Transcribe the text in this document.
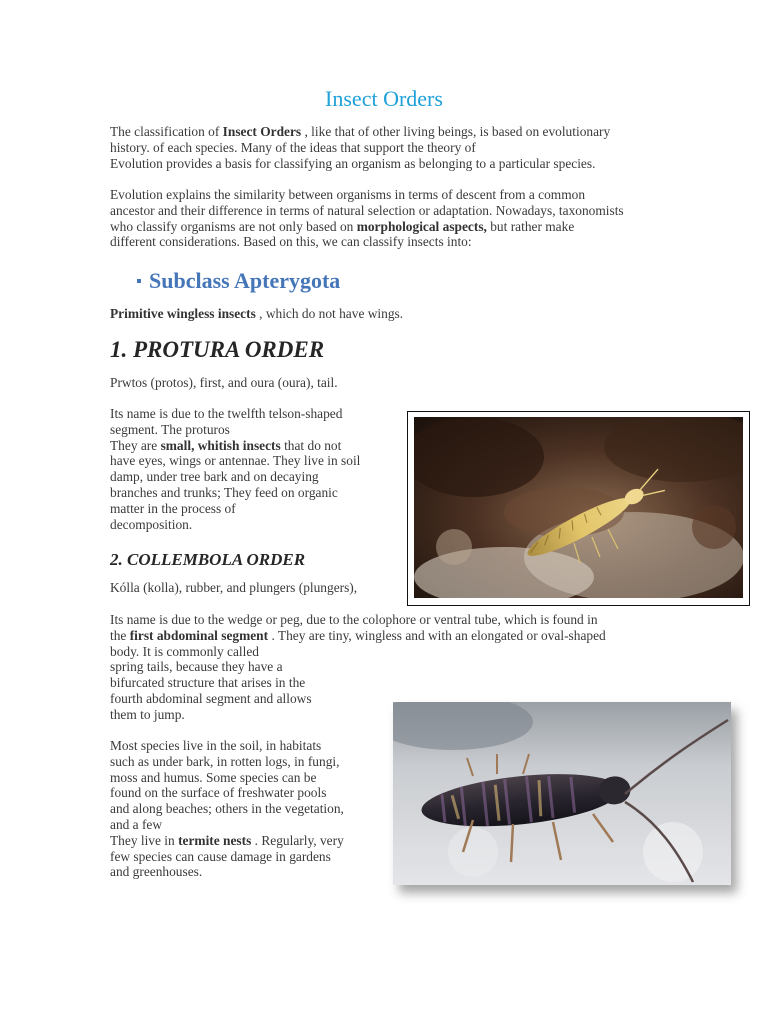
Insect Orders

The classification of Insect Orders , like that of other living beings, is based on evolutionary

history. of each species. Many of the ideas that support the theory of

Evolution provides a basis for classifying an organism as belonging to a particular species.

Evolution explains the similarity between organisms in terms of descent from a common

ancestor and their difference in terms of natural selection or adaptation. Nowadays, taxonomists

who classify organisms are not only based on morphological aspects, but rather make

different considerations. Based on this, we can classify insects into:

Subclass Apterygota

Primitive wingless insects , which do not have wings.

1. PROTURA ORDER

Prwtos (protos), first, and oura (oura), tail.

Its name is due to the twelfth telson-shaped

segment. The proturos

They are small, whitish insects that do not

have eyes, wings or antennae. They live in soil

damp, under tree bark and on decaying

branches and trunks; They feed on organic

matter in the process of

decomposition.

2. COLLEMBOLA ORDER

Kólla (kolla), rubber, and plungers (plungers),

Its name is due to the wedge or peg, due to the colophore or ventral tube, which is found in

the first abdominal segment . They are tiny, wingless and with an elongated or oval-shaped

body. It is commonly called

spring tails, because they have a

bifurcated structure that arises in the

fourth abdominal segment and allows

them to jump.

Most species live in the soil, in habitats

such as under bark, in rotten logs, in fungi,

moss and humus. Some species can be

found on the surface of freshwater pools

and along beaches; others in the vegetation,

and a few

They live in termite nests . Regularly, very

few species can cause damage in gardens

and greenhouses.
